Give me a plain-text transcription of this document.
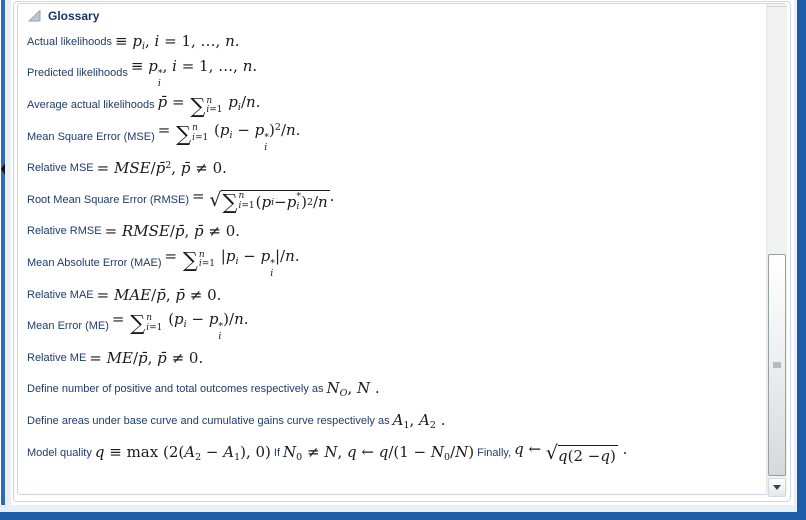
Glossary
Actual likelihoods ≡ $p_i$, i = 1, …, n.
Predicted likelihoods ≡ p *
i
, i = 1, …, n.
Average actual likelihoods p̄ = ∑ n
i=1 $p_i/n$.
Mean Square Error (MSE) = ∑ n
i=1 ($p_i - p$ *
i
)$^2$/n.
Relative MSE = MSE/p̄$^2$, p̄ ≠ 0.
Root Mean Square Error (RMSE) = √ ∑ n
i=1 ( p i − p *
i ) 2 / n .
Relative RMSE = RMSE/p̄, p̄ ≠ 0.
Mean Absolute Error (MAE) = ∑ n
i=1 $|p_i - p$ *
i
|/n.
Relative MAE = MAE/p̄, p̄ ≠ 0.
Mean Error (ME) = ∑ n
i=1 ($p_i - p$ *
i
)/n.
Relative ME = ME/p̄, p̄ ≠ 0.
Define number of positive and total outcomes respectively as $N_O$, N .
Define areas under base curve and cumulative gains curve respectively as $A_1$, $A_2$ .
Model quality $q \equiv \max (2(A_2 - A_1)$, 0) If $N_0 \ne N$, q ← $q/(1 - N_0/N)$ Finally, q ← √ q (2 − q ) .
